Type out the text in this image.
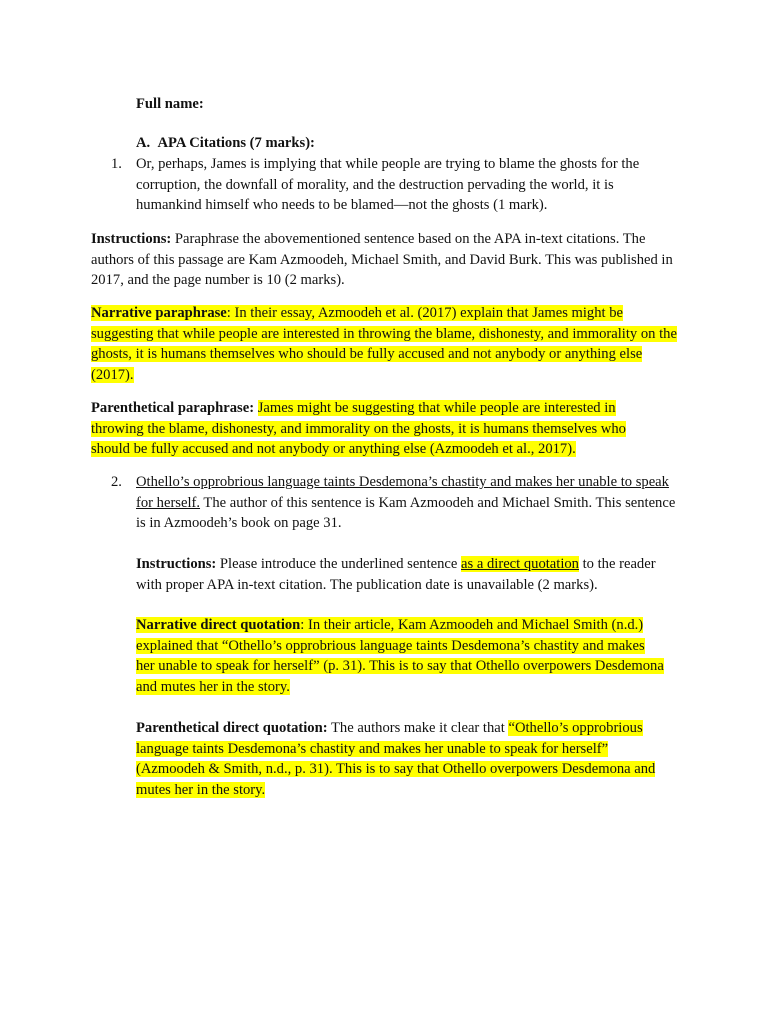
Full name:
A. APA Citations (7 marks):
1. Or, perhaps, James is implying that while people are trying to blame the ghosts for the corruption, the downfall of morality, and the destruction pervading the world, it is humankind himself who needs to be blamed—not the ghosts (1 mark).
Instructions: Paraphrase the abovementioned sentence based on the APA in-text citations. The authors of this passage are Kam Azmoodeh, Michael Smith, and David Burk. This was published in 2017, and the page number is 10 (2 marks).
Narrative paraphrase: In their essay, Azmoodeh et al. (2017) explain that James might be suggesting that while people are interested in throwing the blame, dishonesty, and immorality on the ghosts, it is humans themselves who should be fully accused and not anybody or anything else (2017).
Parenthetical paraphrase: James might be suggesting that while people are interested in throwing the blame, dishonesty, and immorality on the ghosts, it is humans themselves who should be fully accused and not anybody or anything else (Azmoodeh et al., 2017).
2. Othello’s opprobrious language taints Desdemona’s chastity and makes her unable to speak for herself. The author of this sentence is Kam Azmoodeh and Michael Smith. This sentence is in Azmoodeh’s book on page 31.
Instructions: Please introduce the underlined sentence as a direct quotation to the reader with proper APA in-text citation. The publication date is unavailable (2 marks).
Narrative direct quotation: In their article, Kam Azmoodeh and Michael Smith (n.d.) explained that “Othello’s opprobrious language taints Desdemona’s chastity and makes her unable to speak for herself” (p. 31). This is to say that Othello overpowers Desdemona and mutes her in the story.
Parenthetical direct quotation: The authors make it clear that “Othello’s opprobrious language taints Desdemona’s chastity and makes her unable to speak for herself” (Azmoodeh & Smith, n.d., p. 31). This is to say that Othello overpowers Desdemona and mutes her in the story.
